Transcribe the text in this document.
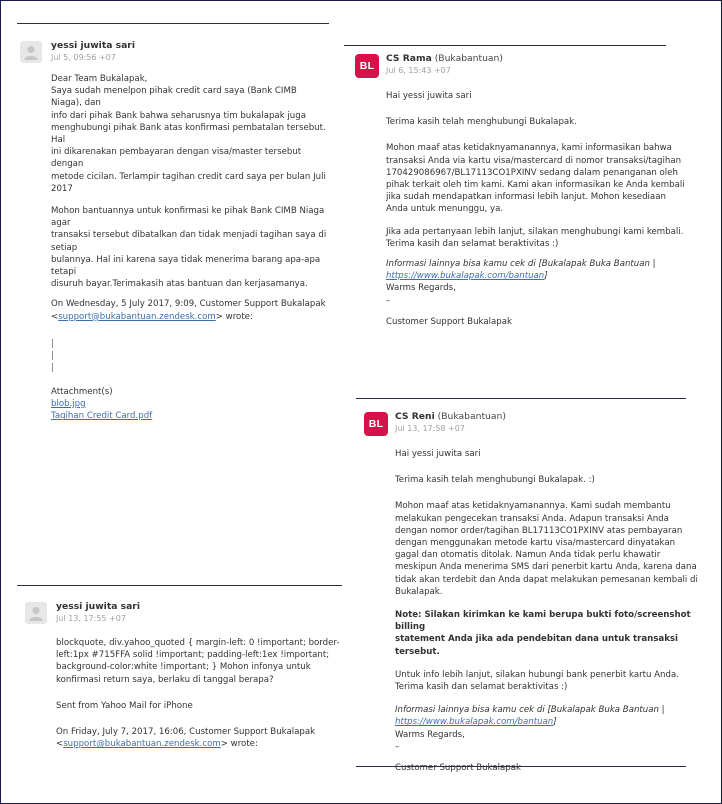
yessi juwita sari
Jul 5, 09:56 +07

Dear Team Bukalapak,

Saya sudah menelpon pihak credit card saya (Bank CIMB Niaga), dan
info dari pihak Bank bahwa seharusnya tim bukalapak juga
menghubungi pihak Bank atas konfirmasi pembatalan tersebut. Hal
ini dikarenakan pembayaran dengan visa/master tersebut dengan
metode cicilan. Terlampir tagihan credit card saya per bulan Juli 2017

Mohon bantuannya untuk konfirmasi ke pihak Bank CIMB Niaga agar
transaksi tersebut dibatalkan dan tidak menjadi tagihan saya di setiap
bulannya. Hal ini karena saya tidak menerima barang apa-apa tetapi
disuruh bayar.Terimakasih atas bantuan dan kerjasamanya.

On Wednesday, 5 July 2017, 9:09, Customer Support Bukalapak
<support@bukabantuan.zendesk.com> wrote:
|
|
|
Attachment(s)
blob.jpg
Tagihan Credit Card.pdf
BL
CS Rama (Bukabantuan)
Jul 6, 15:43 +07

Hai yessi juwita sari

Terima kasih telah menghubungi Bukalapak.

Mohon maaf atas ketidaknyamanannya, kami informasikan bahwa
transaksi Anda via kartu visa/mastercard di nomor transaksi/tagihan
170429086967/BL17113CO1PXINV sedang dalam penanganan oleh
pihak terkait oleh tim kami. Kami akan informasikan ke Anda kembali
jika sudah mendapatkan informasi lebih lanjut. Mohon kesediaan
Anda untuk menunggu, ya.

Jika ada pertanyaan lebih lanjut, silakan menghubungi kami kembali.
Terima kasih dan selamat beraktivitas :)

Informasi lainnya bisa kamu cek di [Bukalapak Buka Bantuan |
https://www.bukalapak.com/bantuan]
Warms Regards,
–
Customer Support Bukalapak
BL
CS Reni (Bukabantuan)
Jul 13, 17:58 +07

Hai yessi juwita sari

Terima kasih telah menghubungi Bukalapak. :)

Mohon maaf atas ketidaknyamanannya. Kami sudah membantu
melakukan pengecekan transaksi Anda. Adapun transaksi Anda
dengan nomor order/tagihan BL17113CO1PXINV atas pembayaran
dengan menggunakan metode kartu visa/mastercard dinyatakan
gagal dan otomatis ditolak. Namun Anda tidak perlu khawatir
meskipun Anda menerima SMS dari penerbit kartu Anda, karena dana
tidak akan terdebit dan Anda dapat melakukan pemesanan kembali di
Bukalapak.

Note: Silakan kirimkan ke kami berupa bukti foto/screenshot billing
statement Anda jika ada pendebitan dana untuk transaksi tersebut.

Untuk info lebih lanjut, silakan hubungi bank penerbit kartu Anda.
Terima kasih dan selamat beraktivitas :)

Informasi lainnya bisa kamu cek di [Bukalapak Buka Bantuan |
https://www.bukalapak.com/bantuan]
Warms Regards,
–
Customer Support Bukalapak
yessi juwita sari
Jul 13, 17:55 +07

blockquote, div.yahoo_quoted { margin-left: 0 !important; border-
left:1px #715FFA solid !important; padding-left:1ex !important;
background-color:white !important; } Mohon infonya untuk
konfirmasi return saya, berlaku di tanggal berapa?

Sent from Yahoo Mail for iPhone

On Friday, July 7, 2017, 16:06, Customer Support Bukalapak
<support@bukabantuan.zendesk.com> wrote:
